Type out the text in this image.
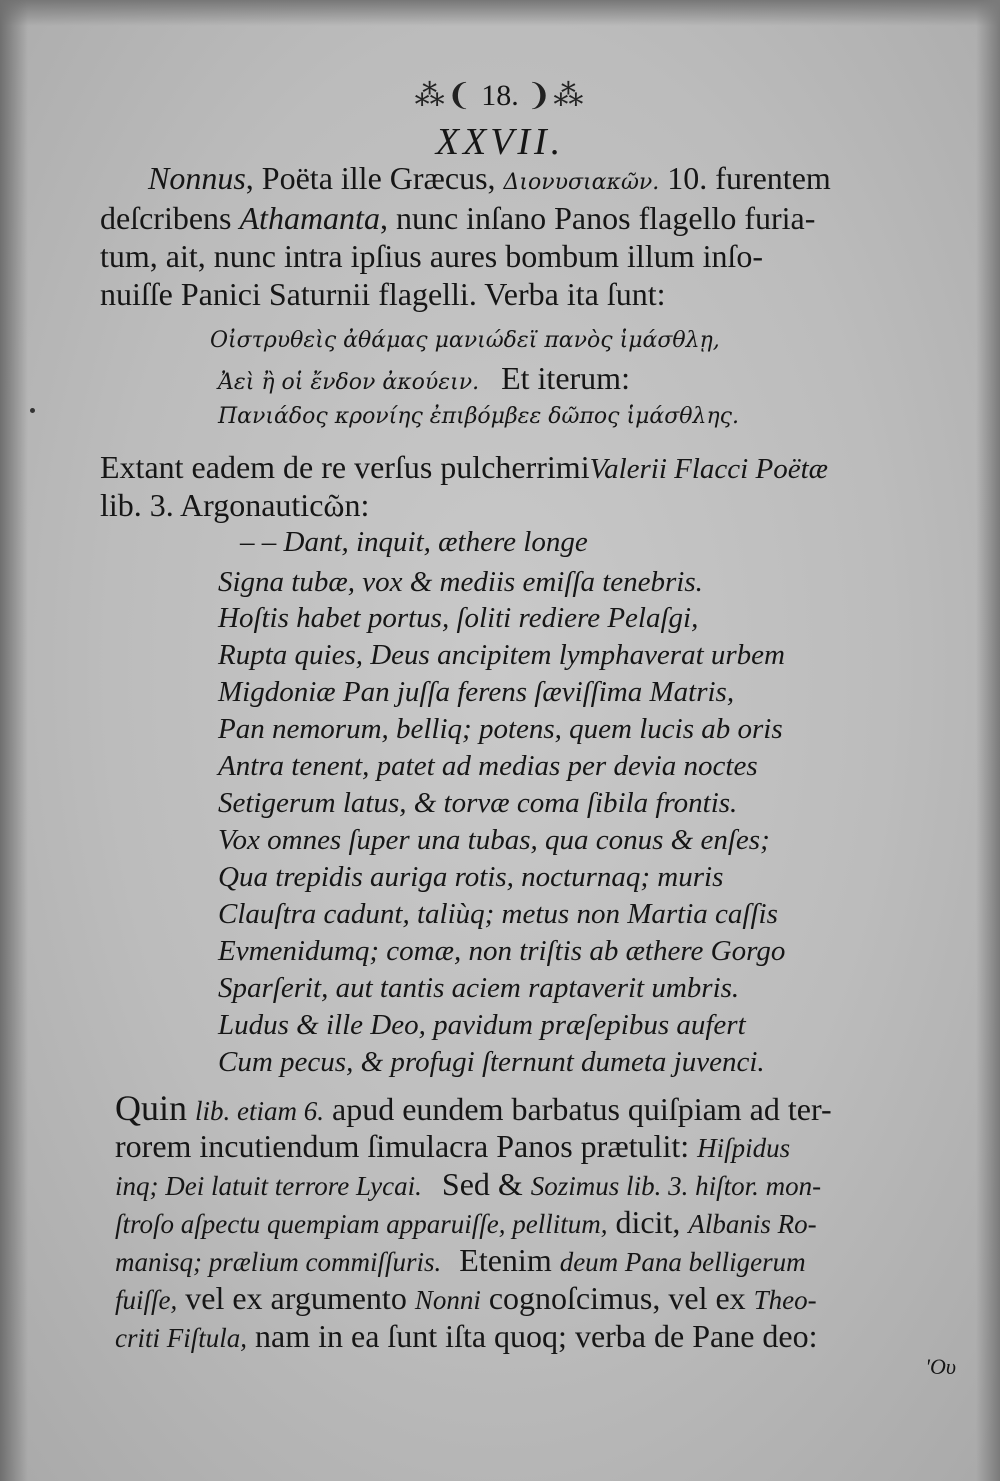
⁂❨ 18. ❩⁂
XXVII.
Nonnus, Poëta ille Græcus, Διονυσιακῶν. 10. furentem
deſcribens Athamanta, nunc inſano Panos flagello furia-
tum, ait, nunc intra ipſius aures bombum illum inſo-
nuiſſe Panici Saturnii flagelli. Verba ita ſunt:
Οἰστρυθεὶς ἀθάμας μανιώδεϊ πανὸς ἱμάσθλῃ,
Ἀεὶ ἢ οἱ ἔνδον ἀκούειν. Et iterum:
Πανιάδος κρονίης ἐπιβόμβεε δῶπος ἱμάσθλης.
Extant eadem de re verſus pulcherrimiValerii Flacci Poëtæ
lib. 3. Argonauticῶn:
– – Dant, inquit, æthere longe
Signa tubæ, vox & mediis emiſſa tenebris.
Hoſtis habet portus, ſoliti rediere Pelaſgi,
Rupta quies, Deus ancipitem lymphaverat urbem
Migdoniæ Pan juſſa ferens ſæviſſima Matris,
Pan nemorum, belliq; potens, quem lucis ab oris
Antra tenent, patet ad medias per devia noctes
Setigerum latus, & torvæ coma ſibila frontis.
Vox omnes ſuper una tubas, qua conus & enſes;
Qua trepidis auriga rotis, nocturnaq; muris
Clauſtra cadunt, taliùq; metus non Martia caſſis
Evmenidumq; comæ, non triſtis ab æthere Gorgo
Sparſerit, aut tantis aciem raptaverit umbris.
Ludus & ille Deo, pavidum præſepibus aufert
Cum pecus, & profugi ſternunt dumeta juvenci.
Quin lib. etiam 6. apud eundem barbatus quiſpiam ad ter-
rorem incutiendum ſimulacra Panos prætulit: Hiſpidus
inq; Dei latuit terrore Lycai. Sed & Sozimus lib. 3. hiſtor. mon-
ſtroſo aſpectu quempiam apparuiſſe, pellitum, dicit, Albanis Ro-
manisq; prælium commiſſuris. Etenim deum Pana belligerum
fuiſſe, vel ex argumento Nonni cognoſcimus, vel ex Theo-
criti Fiſtula, nam in ea ſunt iſta quoq; verba de Pane deo:
'Ου
